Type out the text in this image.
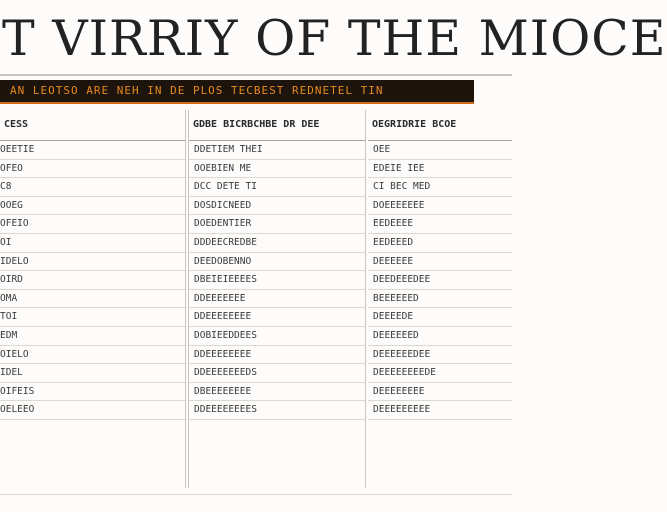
T VIRRIY OF THE MIOCE
AN LEOTSO ARE NEH IN DE PLOS TECBEST REDNETEL TIN
CESS
OEETIE
OFEO
C8
OOEG
OFEIO
OI
IDELO
OIRD
OMA
TOI
EDM
OIELO
IDEL
OIFEIS
OELEEO
GDBE BICRBCHBE DR DEE
DDETIEM THEI
OOEBIEN ME
DCC DETE TI
DOSDICNEED
DOEDENTIER
DDDEECREDBE
DEEDOBENNO
DBEIEIEEEES
DDEEEEEEE
DDEEEEEEEE
DOBIEEDDEES
DDEEEEEEEE
DDEEEEEEEDS
DBEEEEEEEE
DDEEEEEEEES
OEGRIDRIE BCOE
OEE
EDEIE IEE
CI BEC MED
DOEEEEEEE
EEDEEEE
EEDEEED
DEEEEEE
DEEDEEEDEE
BEEEEEED
DEEEEDE
DEEEEEED
DEEEEEEDEE
DEEEEEEEEDE
DEEEEEEEE
DEEEEEEEEE
